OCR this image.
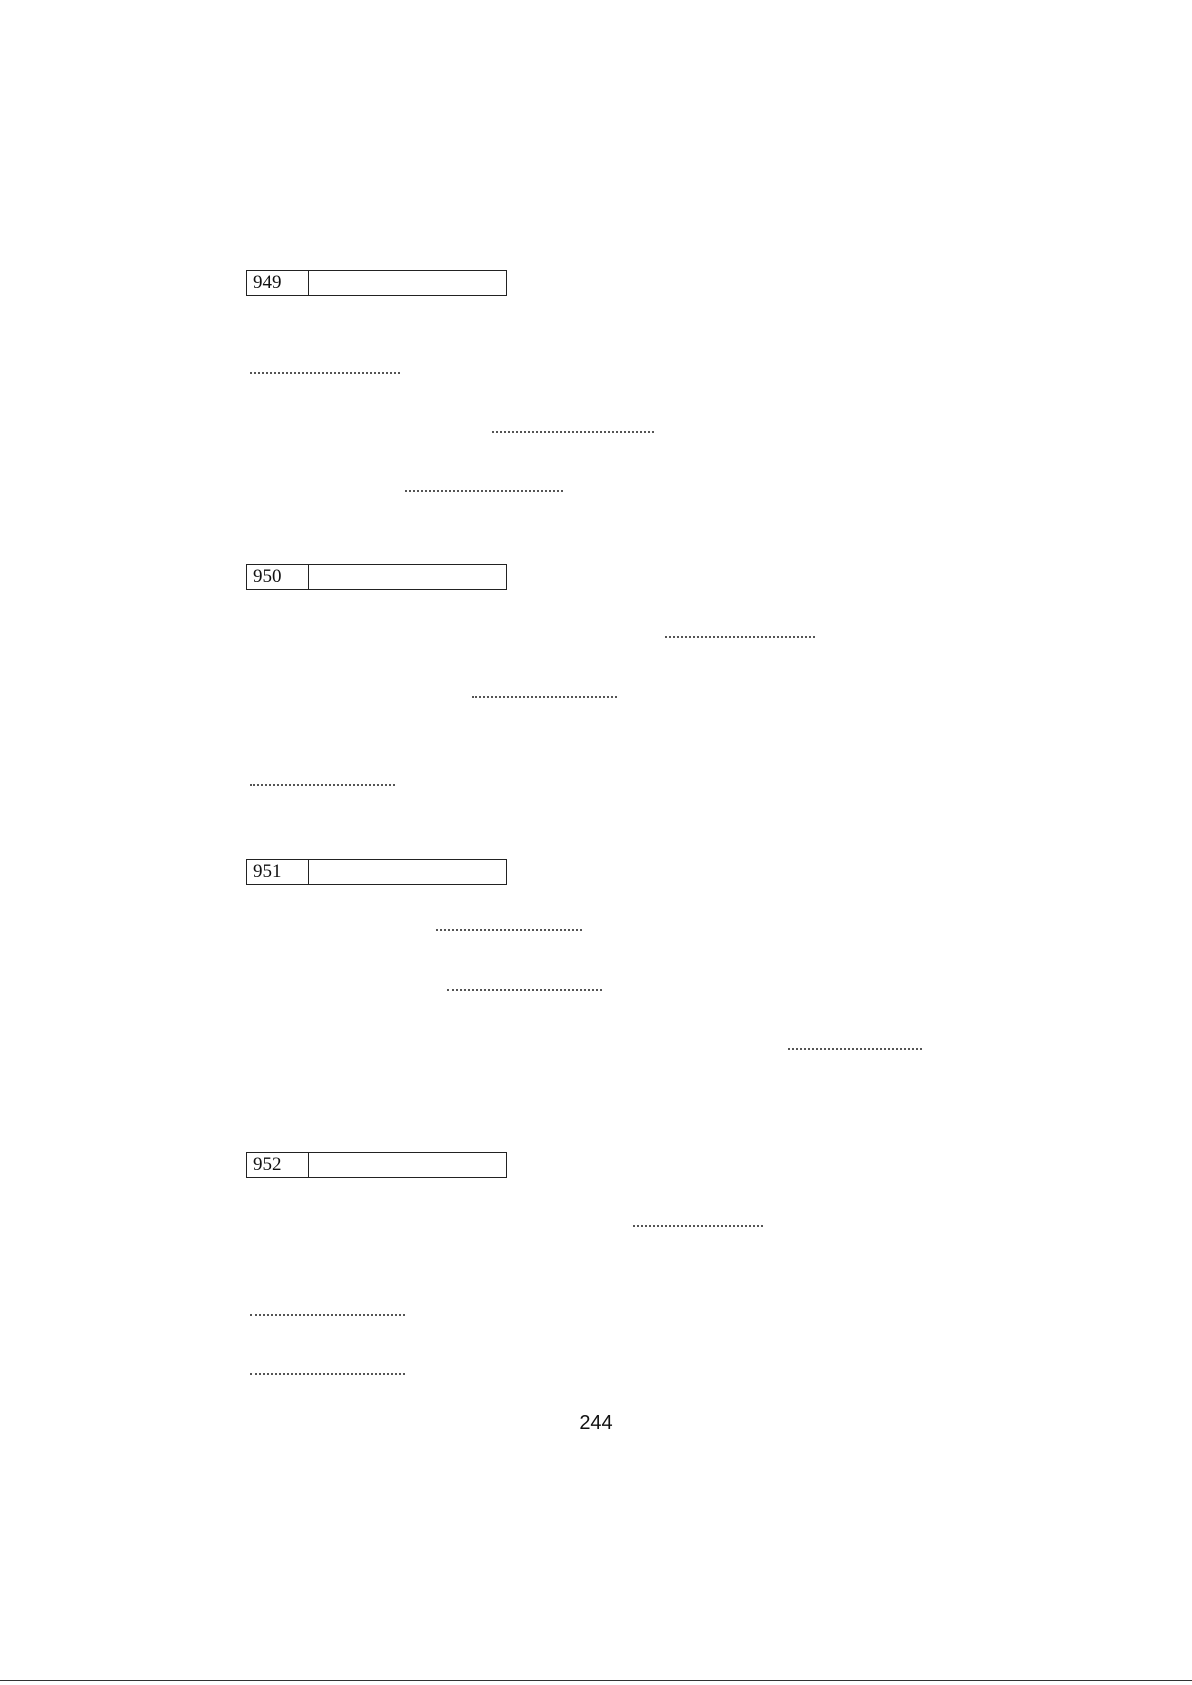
949
950
951
952
244
